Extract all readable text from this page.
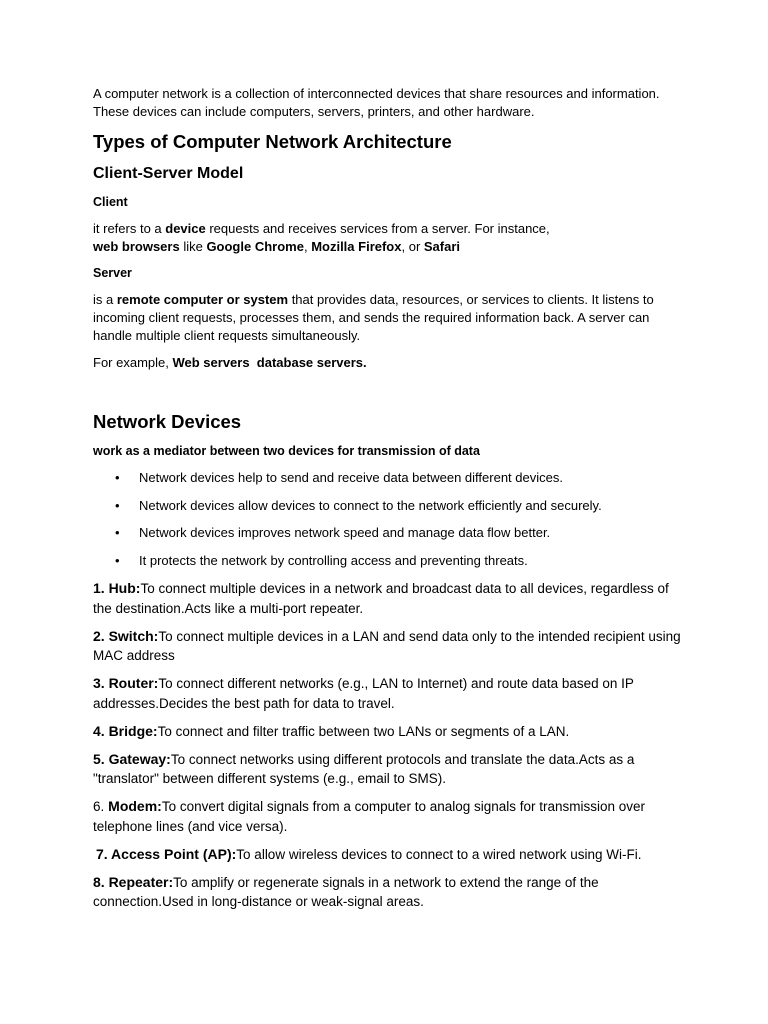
A computer network is a collection of interconnected devices that share resources and information. These devices can include computers, servers, printers, and other hardware.

Types of Computer Network Architecture

Client-Server Model

Client

it refers to a device requests and receives services from a server. For instance, web browsers like Google Chrome, Mozilla Firefox, or Safari

Server

is a remote computer or system that provides data, resources, or services to clients. It listens to incoming client requests, processes them, and sends the required information back. A server can handle multiple client requests simultaneously.

For example, Web servers  database servers.

Network Devices

work as a mediator between two devices for transmission of data

• Network devices help to send and receive data between different devices.
• Network devices allow devices to connect to the network efficiently and securely.
• Network devices improves network speed and manage data flow better.
• It protects the network by controlling access and preventing threats.

1. Hub:To connect multiple devices in a network and broadcast data to all devices, regardless of the destination.Acts like a multi-port repeater.

2. Switch:To connect multiple devices in a LAN and send data only to the intended recipient using MAC address

3. Router:To connect different networks (e.g., LAN to Internet) and route data based on IP addresses.Decides the best path for data to travel.

4. Bridge:To connect and filter traffic between two LANs or segments of a LAN.

5. Gateway:To connect networks using different protocols and translate the data.Acts as a "translator" between different systems (e.g., email to SMS).

6. Modem:To convert digital signals from a computer to analog signals for transmission over telephone lines (and vice versa).

7. Access Point (AP):To allow wireless devices to connect to a wired network using Wi-Fi.

8. Repeater:To amplify or regenerate signals in a network to extend the range of the connection.Used in long-distance or weak-signal areas.
